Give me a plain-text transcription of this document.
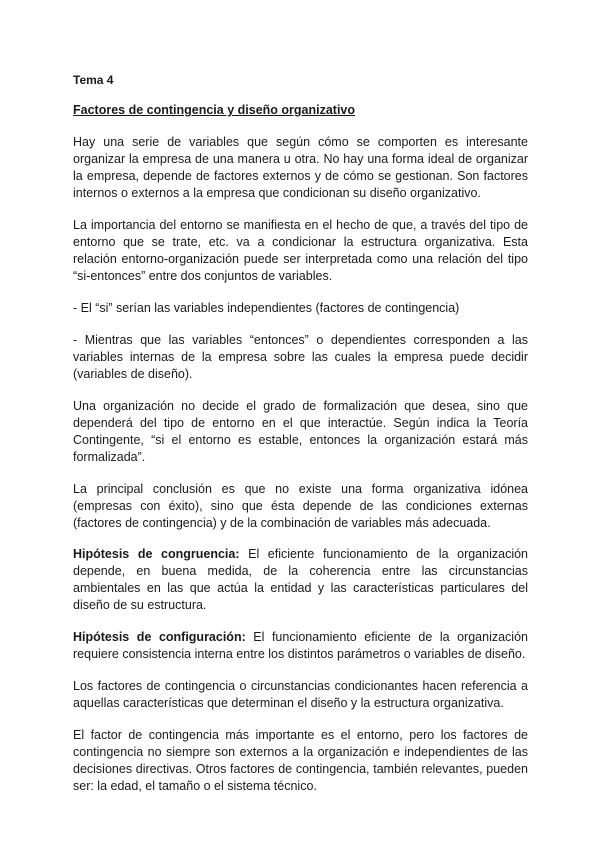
Tema 4
Factores de contingencia y diseño organizativo

Hay una serie de variables que según cómo se comporten es interesante organizar la empresa de una manera u otra. No hay una forma ideal de organizar la empresa, depende de factores externos y de cómo se gestionan. Son factores internos o externos a la empresa que condicionan su diseño organizativo.

La importancia del entorno se manifiesta en el hecho de que, a través del tipo de entorno que se trate, etc. va a condicionar la estructura organizativa. Esta relación entorno-organización puede ser interpretada como una relación del tipo “si-entonces” entre dos conjuntos de variables.

- El “si” serían las variables independientes (factores de contingencia)

- Mientras que las variables “entonces” o dependientes corresponden a las variables internas de la empresa sobre las cuales la empresa puede decidir (variables de diseño).

Una organización no decide el grado de formalización que desea, sino que dependerá del tipo de entorno en el que interactúe. Según indica la Teoría Contingente, “si el entorno es estable, entonces la organización estará más formalizada”.

La principal conclusión es que no existe una forma organizativa idónea (empresas con éxito), sino que ésta depende de las condiciones externas (factores de contingencia) y de la combinación de variables más adecuada.

Hipótesis de congruencia: El eficiente funcionamiento de la organización depende, en buena medida, de la coherencia entre las circunstancias ambientales en las que actúa la entidad y las características particulares del diseño de su estructura.

Hipótesis de configuración: El funcionamiento eficiente de la organización requiere consistencia interna entre los distintos parámetros o variables de diseño.

Los factores de contingencia o circunstancias condicionantes hacen referencia a aquellas características que determinan el diseño y la estructura organizativa.

El factor de contingencia más importante es el entorno, pero los factores de contingencia no siempre son externos a la organización e independientes de las decisiones directivas. Otros factores de contingencia, también relevantes, pueden ser: la edad, el tamaño o el sistema técnico.
